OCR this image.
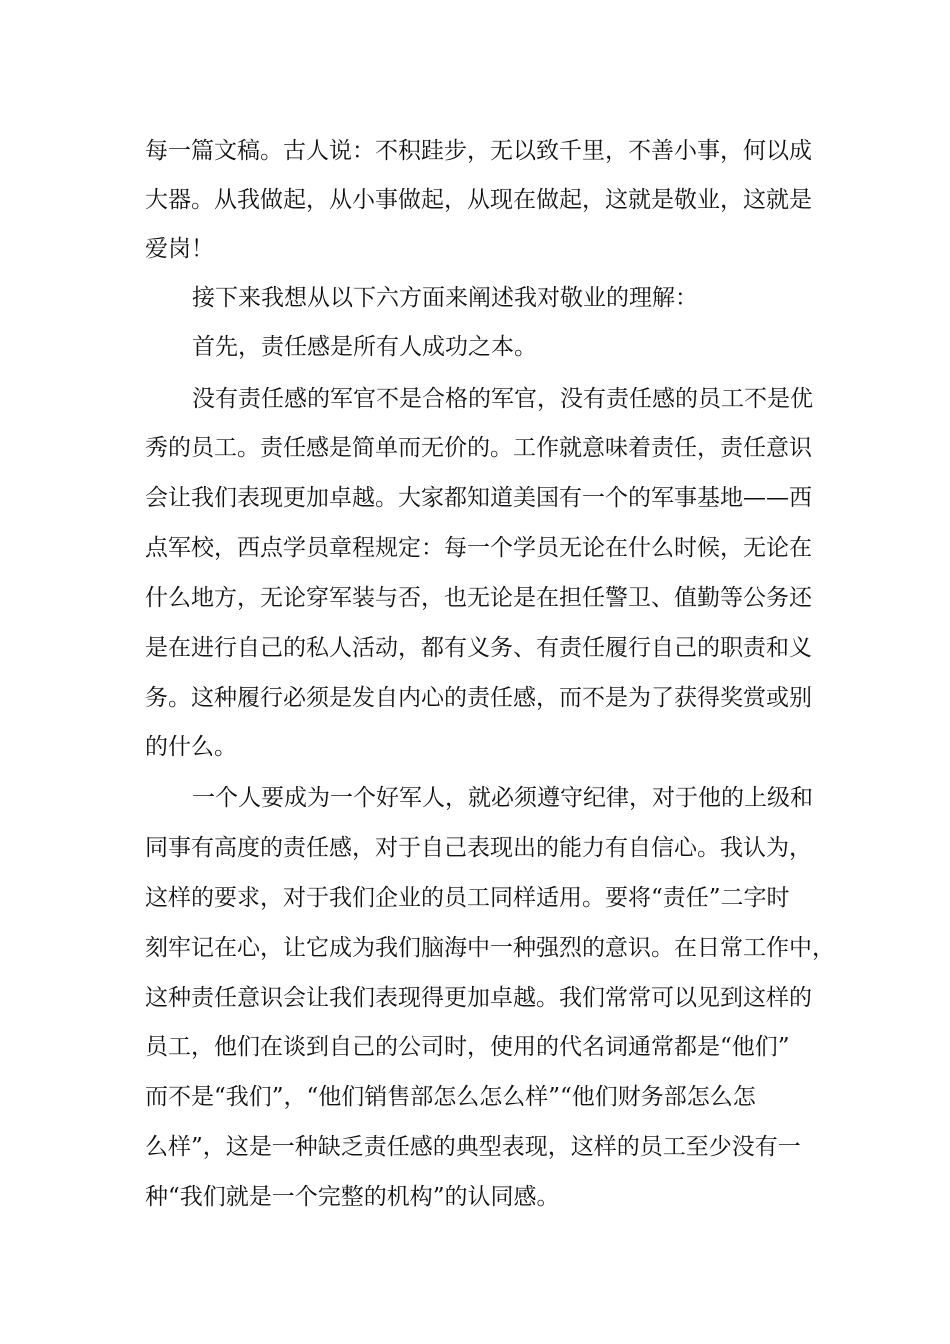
每一篇文稿。古人说：不积跬步，无以致千里，不善小事，何以成

大器。从我做起，从小事做起，从现在做起，这就是敬业，这就是

爱岗！

接下来我想从以下六方面来阐述我对敬业的理解：

首先，责任感是所有人成功之本。

没有责任感的军官不是合格的军官，没有责任感的员工不是优

秀的员工。责任感是简单而无价的。工作就意味着责任，责任意识

会让我们表现更加卓越。大家都知道美国有一个的军事基地——西

点军校，西点学员章程规定：每一个学员无论在什么时候，无论在

什么地方，无论穿军装与否，也无论是在担任警卫、值勤等公务还

是在进行自己的私人活动，都有义务、有责任履行自己的职责和义

务。这种履行必须是发自内心的责任感，而不是为了获得奖赏或别

的什么。

一个人要成为一个好军人，就必须遵守纪律，对于他的上级和

同事有高度的责任感，对于自己表现出的能力有自信心。我认为，

这样的要求，对于我们企业的员工同样适用。要将“责任”二字时

刻牢记在心，让它成为我们脑海中一种强烈的意识。在日常工作中，

这种责任意识会让我们表现得更加卓越。我们常常可以见到这样的

员工，他们在谈到自己的公司时，使用的代名词通常都是“他们”

而不是“我们”，“他们销售部怎么怎么样”“他们财务部怎么怎

么样”，这是一种缺乏责任感的典型表现，这样的员工至少没有一

种“我们就是一个完整的机构”的认同感。
